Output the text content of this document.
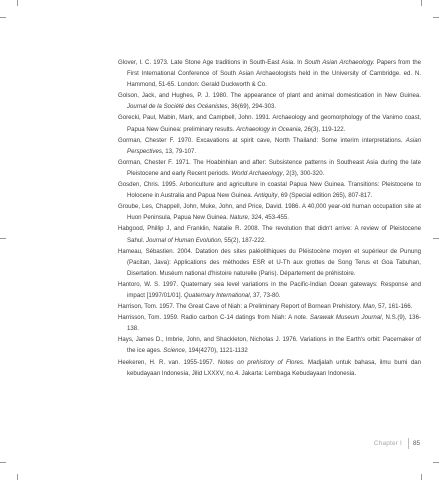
Glover, I. C. 1973. Late Stone Age traditions in South-East Asia. In South Asian Archaeology. Papers from the First International Conference of South Asian Archaeologists held in the University of Cambridge. ed. N. Hammond, 51-65. London: Gerald Duckworth & Co.

Golson, Jack, and Hughes, P. J. 1980. The appearance of plant and animal domestication in New Guinea. Journal de la Société des Océanistes, 36(69), 294-303.

Gorecki, Paul, Mabin, Mark, and Campbell, John. 1991. Archaeology and geomorphology of the Vanimo coast, Papua New Guinea: preliminary results. Archaeology in Oceania, 26(3), 119-122.

Gorman, Chester F. 1970. Excavations at spirit cave, North Thailand: Some interim interpretations. Asian Perspectives, 13, 79-107.

Gorman, Chester F. 1971. The Hoabinhian and after: Subsistence patterns in Southeast Asia during the late Pleistocene and early Recent periods. World Archaeology, 2(3), 300-320.

Gosden, Chris. 1995. Arboriculture and agriculture in coastal Papua New Guinea. Transitions: Pleistocene to Holocene in Australia and Papua New Guinea. Antiquity, 69 (Special edition 265), 807-817.

Groube, Les, Chappell, John, Muke, John, and Price, David. 1986. A 40,000 year-old human occupation site at Huon Peninsula, Papua New Guinea. Nature, 324, 453-455.

Habgood, Phillip J, and Franklin, Natalie R. 2008. The revolution that didn't arrive: A review of Pleistocene Sahul. Journal of Human Evolution, 55(2), 187-222.

Hameau, Sébastien. 2004. Datation des sites paléolithiques du Pléistocène moyen et supérieur de Punung (Pacitan, Java): Applications des méthodes ESR et U-Th aux grottes de Song Terus et Goa Tabuhan, Disertation. Muséum national d'histoire naturelle (Paris). Département de préhistoire.

Hantoro, W. S. 1997. Quaternary sea level variations in the Pacific-Indian Ocean gateways: Response and impact [1997/01/01]. Quaternary International, 37, 73-80.

Harrison, Tom. 1957. The Great Cave of Niah: a Preliminary Report of Bornean Prehistory. Man, 57, 161-166.

Harrisson, Tom. 1959. Radio carbon C-14 datings from Niah: A note. Sarawak Museum Journal, N.S.(9), 136-138.

Hays, James D., Imbrie, John, and Shackleton, Nicholas J. 1976. Variations in the Earth's orbit: Pacemaker of the ice ages. Science, 194(4270), 1121-1132

Heekeren, H. R. van. 1955-1957. Notes on prehistory of Flores. Madjalah untuk bahasa, ilmu bumi dan kebudayaan Indonesia, Jilid LXXXV, no.4. Jakarta: Lembaga Kebudayaan Indonesia.

Chapter I 85
